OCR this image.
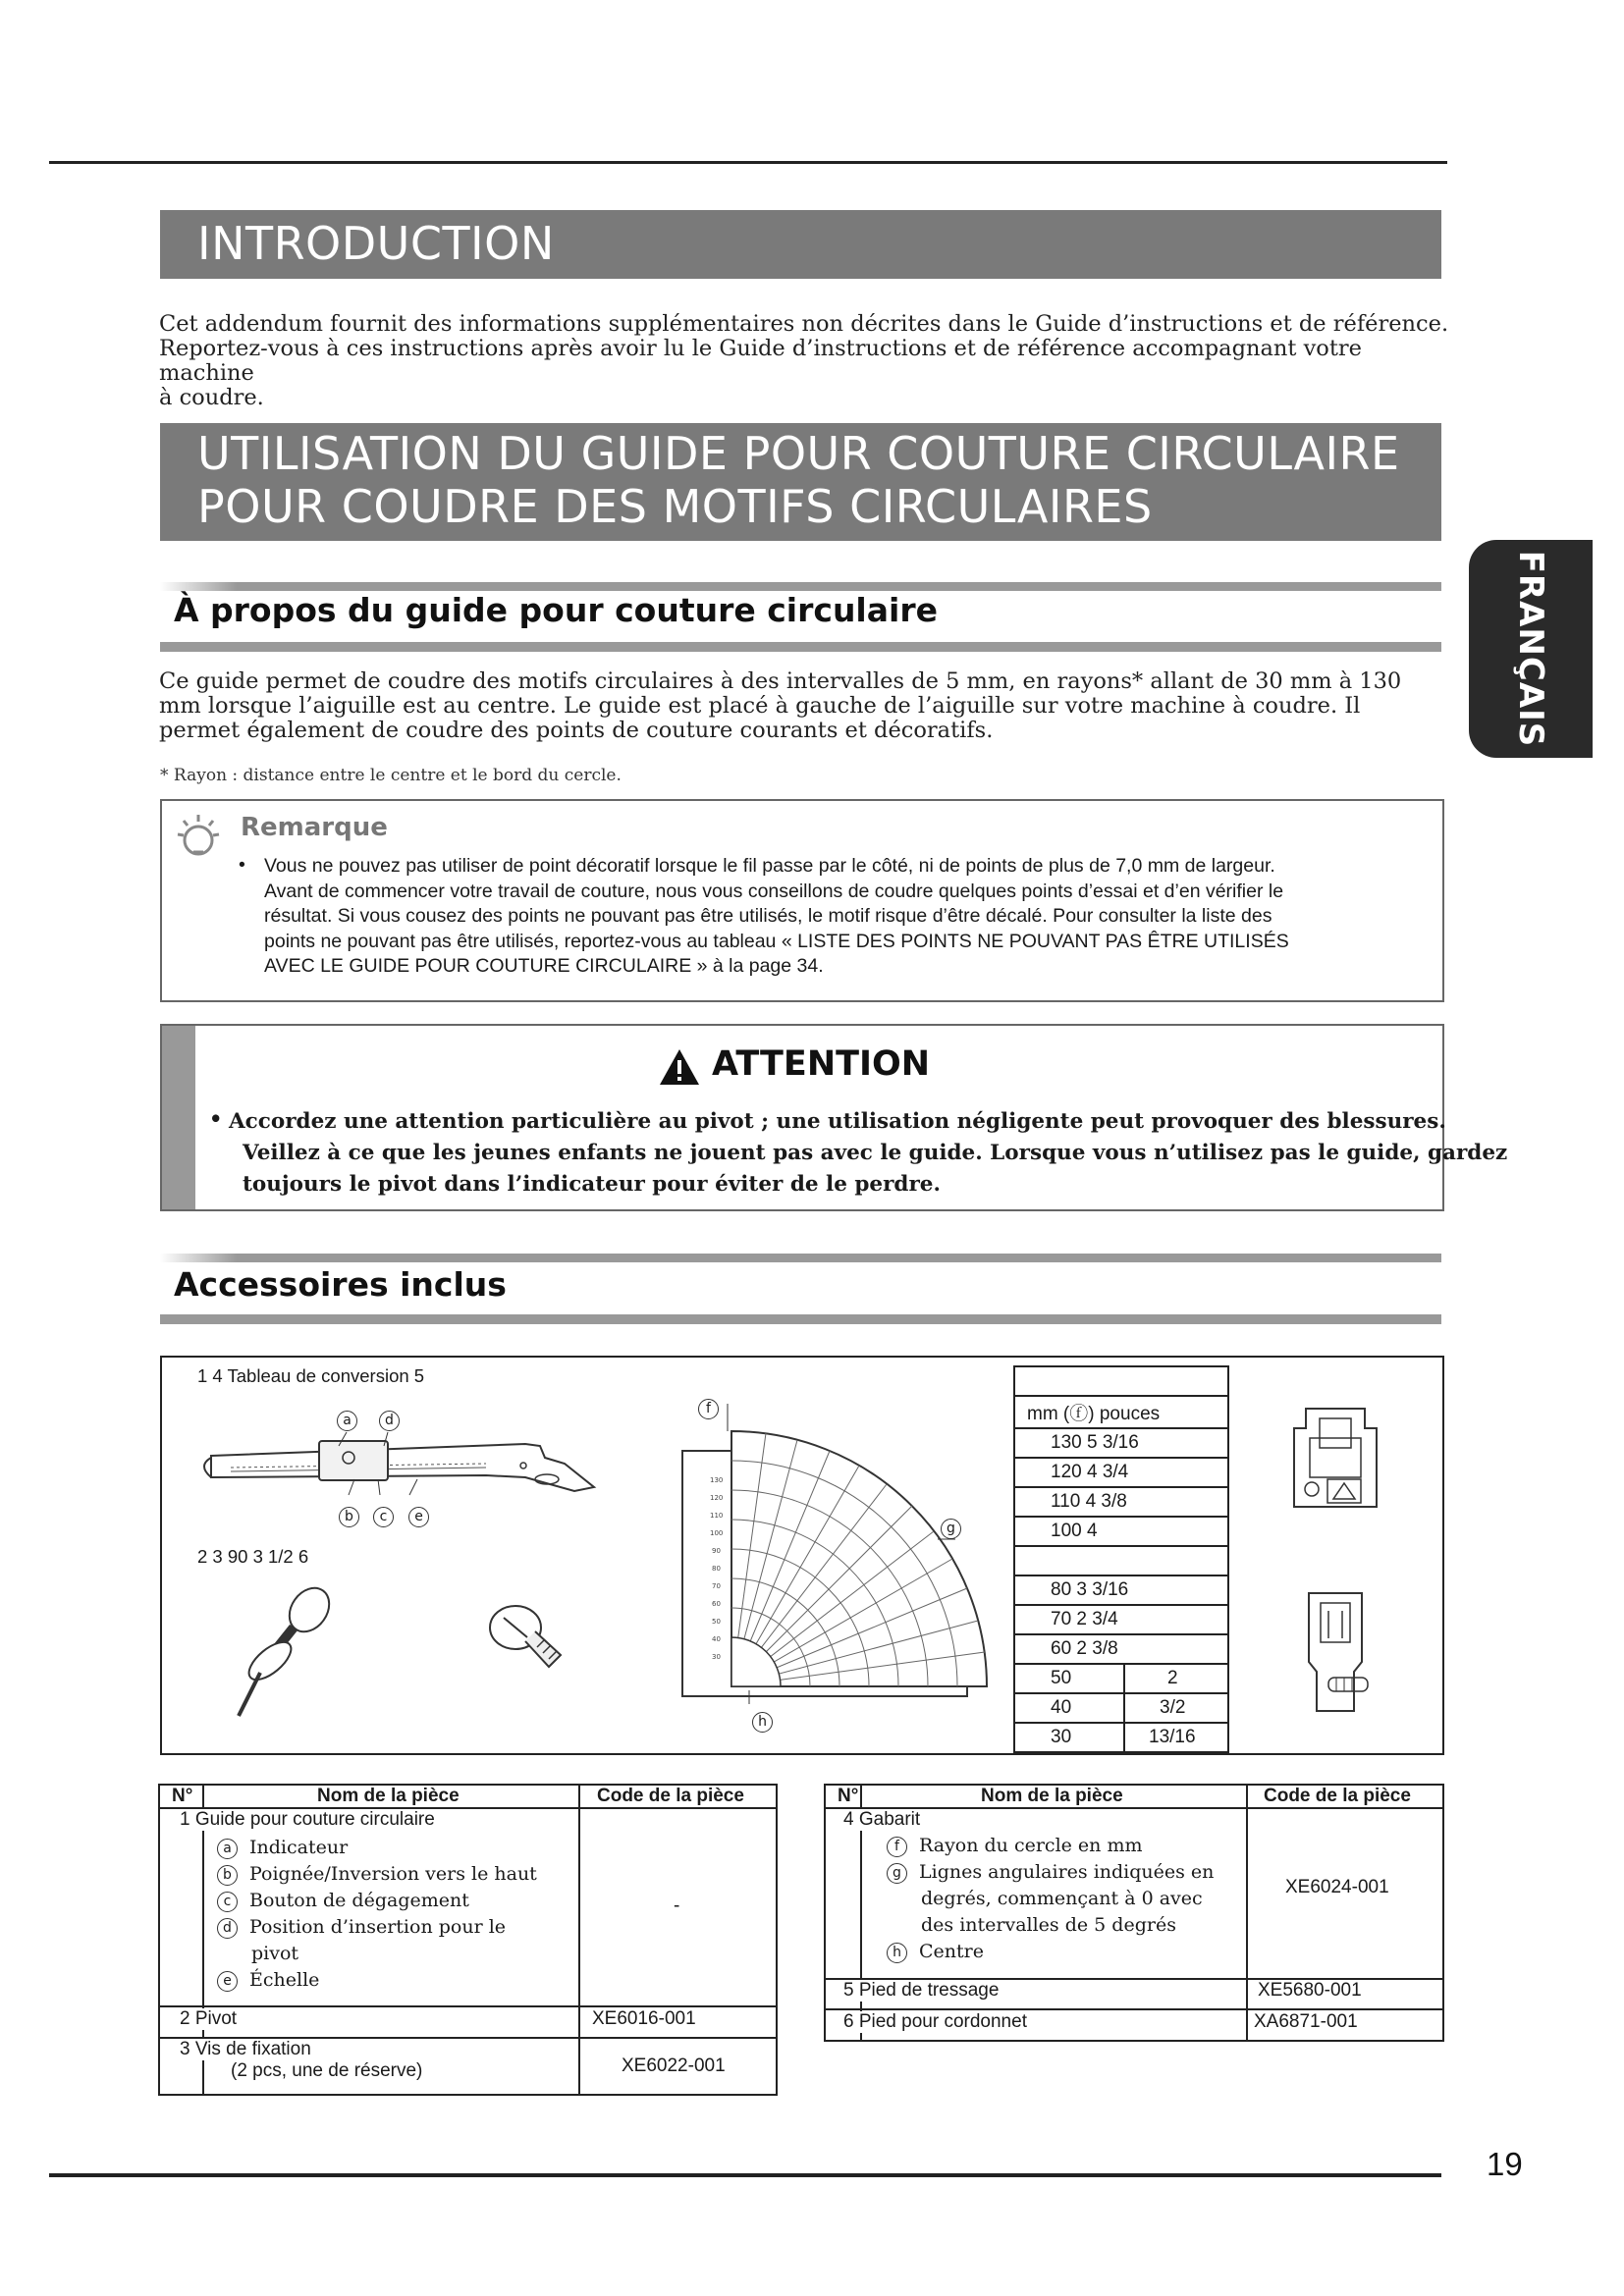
INTRODUCTION
Cet addendum fournit des informations supplémentaires non décrites dans le Guide d’instructions et de référence.
Reportez-vous à ces instructions après avoir lu le Guide d’instructions et de référence accompagnant votre machine
à coudre.
UTILISATION DU GUIDE POUR COUTURE CIRCULAIRE
POUR COUDRE DES MOTIFS CIRCULAIRES
FRANÇAIS
À propos du guide pour couture circulaire
Ce guide permet de coudre des motifs circulaires à des intervalles de 5 mm, en rayons* allant de 30 mm à 130
mm lorsque l’aiguille est au centre. Le guide est placé à gauche de l’aiguille sur votre machine à coudre. Il
permet également de coudre des points de couture courants et décoratifs.
* Rayon : distance entre le centre et le bord du cercle.
Remarque
• Vous ne pouvez pas utiliser de point décoratif lorsque le fil passe par le côté, ni de points de plus de 7,0 mm de largeur.
Avant de commencer votre travail de couture, nous vous conseillons de coudre quelques points d’essai et d’en vérifier le
résultat. Si vous cousez des points ne pouvant pas être utilisés, le motif risque d’être décalé. Pour consulter la liste des
points ne pouvant pas être utilisés, reportez-vous au tableau « LISTE DES POINTS NE POUVANT PAS ÊTRE UTILISÉS
AVEC LE GUIDE POUR COUTURE CIRCULAIRE » à la page 34.
ATTENTION
• Accordez une attention particulière au pivot ; une utilisation négligente peut provoquer des blessures.
Veillez à ce que les jeunes enfants ne jouent pas avec le guide. Lorsque vous n’utilisez pas le guide, gardez
toujours le pivot dans l’indicateur pour éviter de le perdre.
Accessoires inclus
1 4 Tableau de conversion 5
2 3 90 3 1/2 6
a	d
b	c	e
130
120
110
100
90
80
70
60
50
40
30
f
g
h
mm (ⓕ) pouces
130 5 3/16
120 4 3/4
110 4 3/8
100 4
80 3 3/16
70 2 3/4
60 2 3/8
50	2
40	3/2
30	13/16
N°	Nom de la pièce	Code de la pièce
1 Guide pour couture circulaire
a Indicateur
b Poignée/Inversion vers le haut
c Bouton de dégagement
d Position d’insertion pour le
pivot
e Échelle
-
2 Pivot	XE6016-001
3 Vis de fixation
(2 pcs, une de réserve)	XE6022-001
N°	Nom de la pièce	Code de la pièce
4 Gabarit
f Rayon du cercle en mm
g Lignes angulaires indiquées en
degrés, commençant à 0 avec
des intervalles de 5 degrés
h Centre
XE6024-001
5 Pied de tressage	XE5680-001
6 Pied pour cordonnet	XA6871-001
19
